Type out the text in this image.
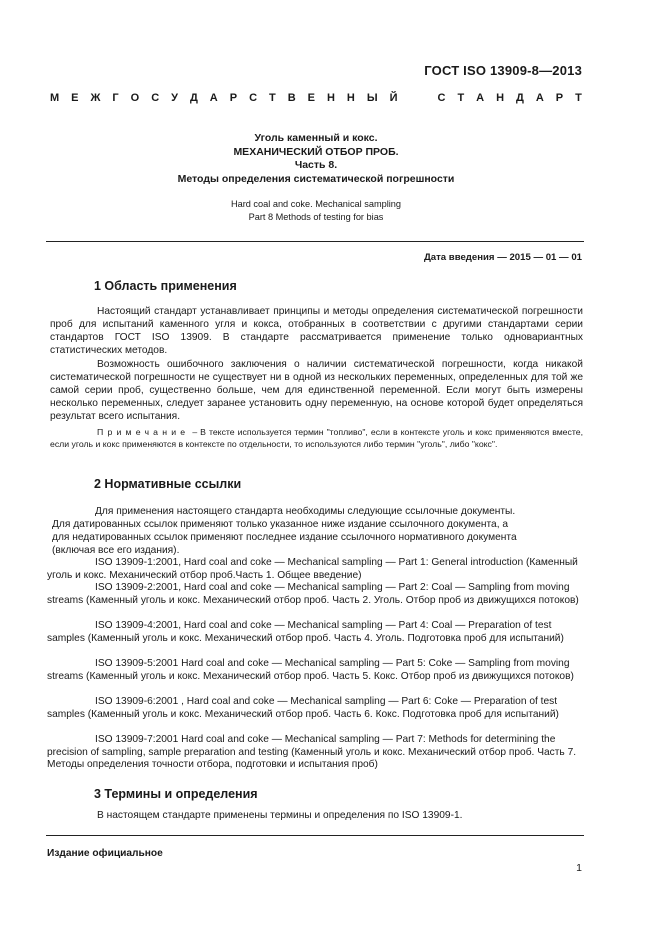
ГОСТ ISO 13909-8—2013
М Е Ж Г О С У Д А Р С Т В Е Н Н Ы Й	С Т А Н Д А Р Т
Уголь каменный и кокс.
МЕХАНИЧЕСКИЙ ОТБОР ПРОБ.
Часть 8.
Методы определения систематической погрешности
Hard coal and coke. Mechanical sampling
Part 8 Methods of testing for bias
Дата введения — 2015 — 01 — 01
1 Область применения
Настоящий стандарт устанавливает принципы и методы определения систематической погрешности проб для испытаний каменного угля и кокса, отобранных в соответствии с другими стандартами серии стандартов ГОСТ ISO 13909. В стандарте рассматривается применение только одновариантных статистических методов.
Возможность ошибочного заключения о наличии систематической погрешности, когда никакой систематической погрешности не существует ни в одной из нескольких переменных, определенных для той же самой серии проб, существенно больше, чем для единственной переменной. Если могут быть измерены несколько переменных, следует заранее установить одну переменную, на основе которой будет определяться результат всего испытания.
Примечание – В тексте используется термин "топливо", если в контексте уголь и кокс применяются вместе, если уголь и кокс применяются в контексте по отдельности, то используются либо термин "уголь", либо "кокс".
2 Нормативные ссылки
Для применения настоящего стандарта необходимы следующие ссылочные документы.
Для датированных ссылок применяют только указанное ниже издание ссылочного документа, а
для недатированных ссылок применяют последнее издание ссылочного нормативного документа
(включая все его издания).
ISO 13909-1:2001, Hard coal and coke — Mechanical sampling — Part 1: General introduction (Каменный уголь и кокс. Механический отбор проб.Часть 1. Общее введение)
ISO 13909-2:2001, Hard coal and coke — Mechanical sampling — Part 2: Coal — Sampling from moving streams (Каменный уголь и кокс. Механический отбор проб. Часть 2. Уголь. Отбор проб из движущихся потоков)
ISO 13909-4:2001, Hard coal and coke — Mechanical sampling — Part 4: Coal — Preparation of test samples (Каменный уголь и кокс. Механический отбор проб. Часть 4. Уголь. Подготовка проб для испытаний)
ISO 13909-5:2001 Hard coal and coke — Mechanical sampling — Part 5: Coke — Sampling from moving streams (Каменный уголь и кокс. Механический отбор проб. Часть 5. Кокс. Отбор проб из движущихся потоков)
ISO 13909-6:2001 , Hard coal and coke — Mechanical sampling — Part 6: Coke — Preparation of test samples (Каменный уголь и кокс. Механический отбор проб. Часть 6. Кокс. Подготовка проб для испытаний)
ISO 13909-7:2001 Hard coal and coke — Mechanical sampling — Part 7: Methods for determining the precision of sampling, sample preparation and testing (Каменный уголь и кокс. Механический отбор проб. Часть 7. Методы определения точности отбора, подготовки и испытания проб)
3 Термины и определения
В настоящем стандарте применены термины и определения по ISO 13909-1.
Издание официальное
1
